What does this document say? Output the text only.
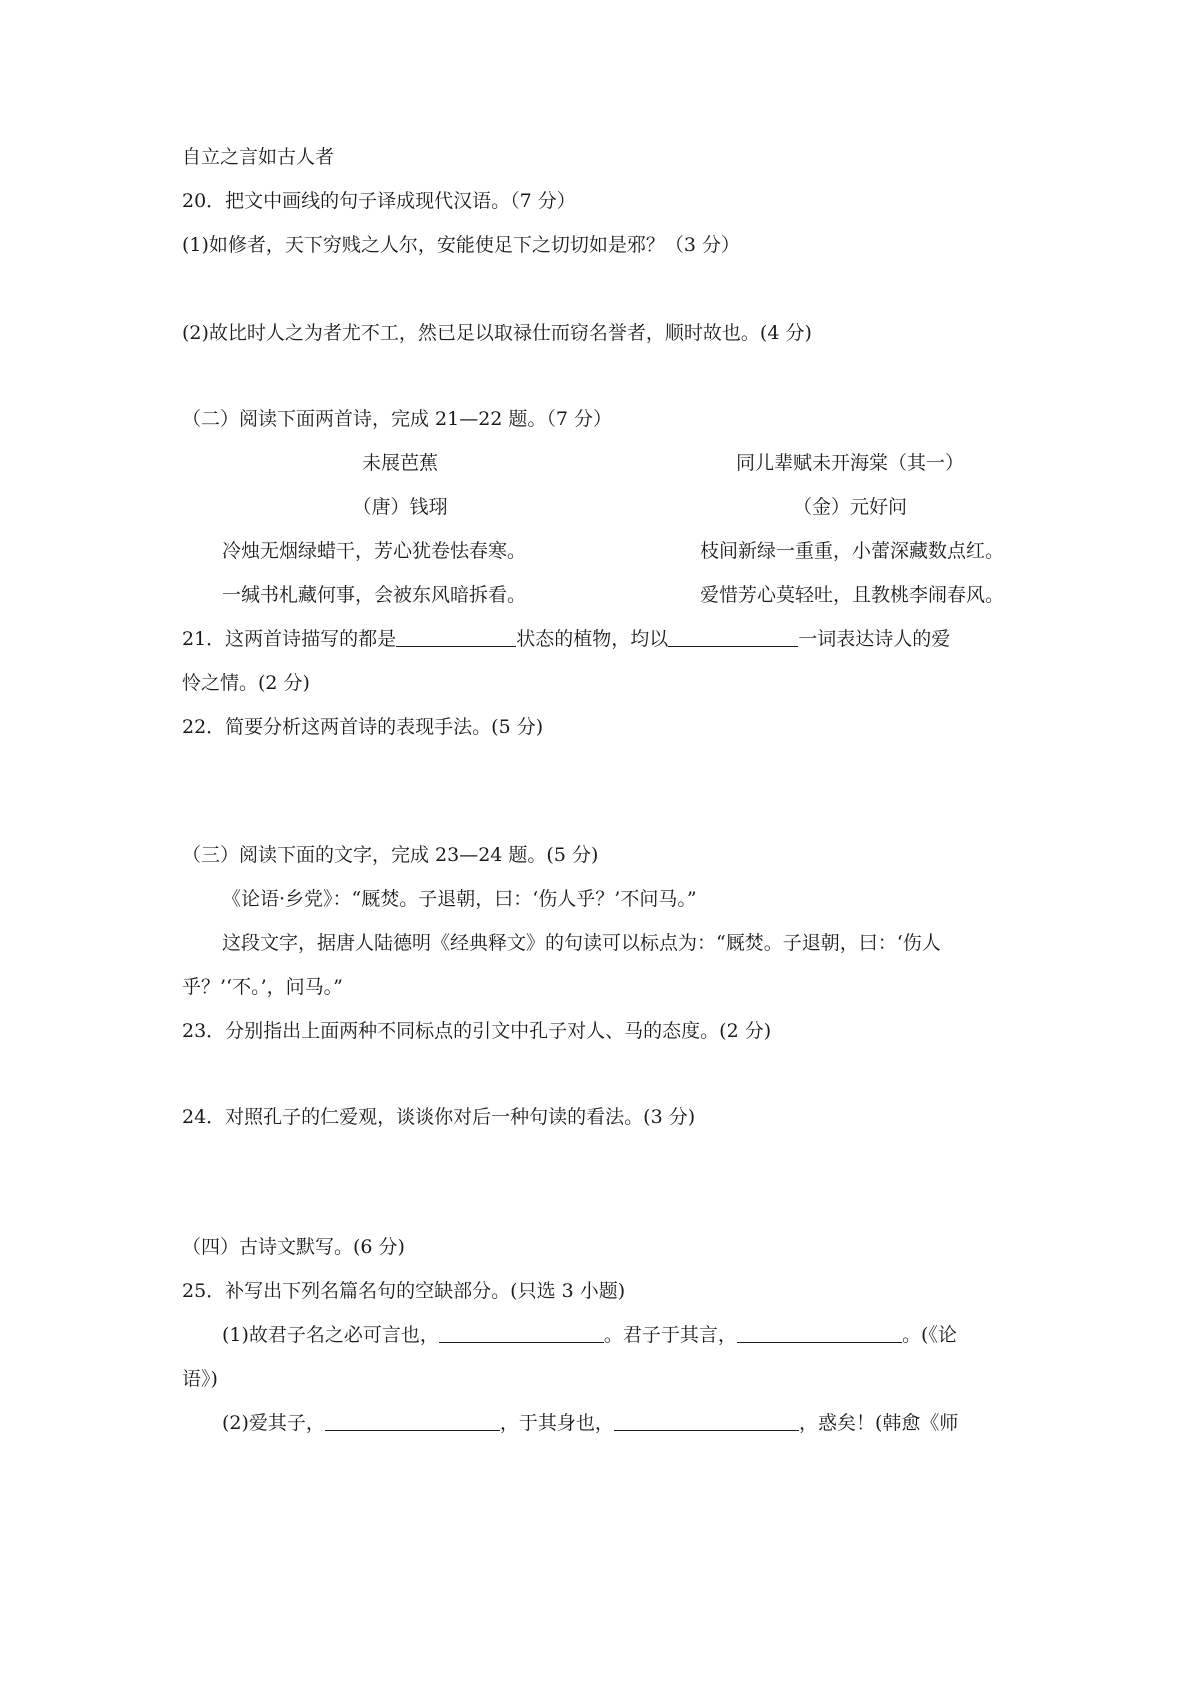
自立之言如古人者
20．把文中画线的句子译成现代汉语。（7 分）
(1)如修者，天下穷贱之人尔，安能使足下之切切如是邪？（3 分）
(2)故比时人之为者尤不工，然已足以取禄仕而窃名誉者，顺时故也。(4 分)
（二）阅读下面两首诗，完成 21—22 题。（7 分）
未展芭蕉	同儿辈赋未开海棠（其一）
（唐）钱珝	（金）元好问
冷烛无烟绿蜡干，芳心犹卷怯春寒。	枝间新绿一重重，小蕾深藏数点红。
一缄书札藏何事，会被东风暗拆看。	爱惜芳心莫轻吐，且教桃李闹春风。
21．这两首诗描写的都是	状态的植物，均以	一词表达诗人的爱
怜之情。(2 分)
22．简要分析这两首诗的表现手法。(5 分)
（三）阅读下面的文字，完成 23—24 题。(5 分)
《论语·乡党》：“厩焚。子退朝，曰：‘伤人乎？’不问马。”
这段文字，据唐人陆德明《经典释文》的句读可以标点为：“厩焚。子退朝，曰：‘伤人
乎？’‘不。’，问马。”
23．分别指出上面两种不同标点的引文中孔子对人、马的态度。(2 分)
24．对照孔子的仁爱观，谈谈你对后一种句读的看法。(3 分)
（四）古诗文默写。(6 分)
25．补写出下列名篇名句的空缺部分。(只选 3 小题)
(1)故君子名之必可言也，	。君子于其言，	。(《论
语》)
(2)爱其子，	，于其身也，	，惑矣！(韩愈《师
